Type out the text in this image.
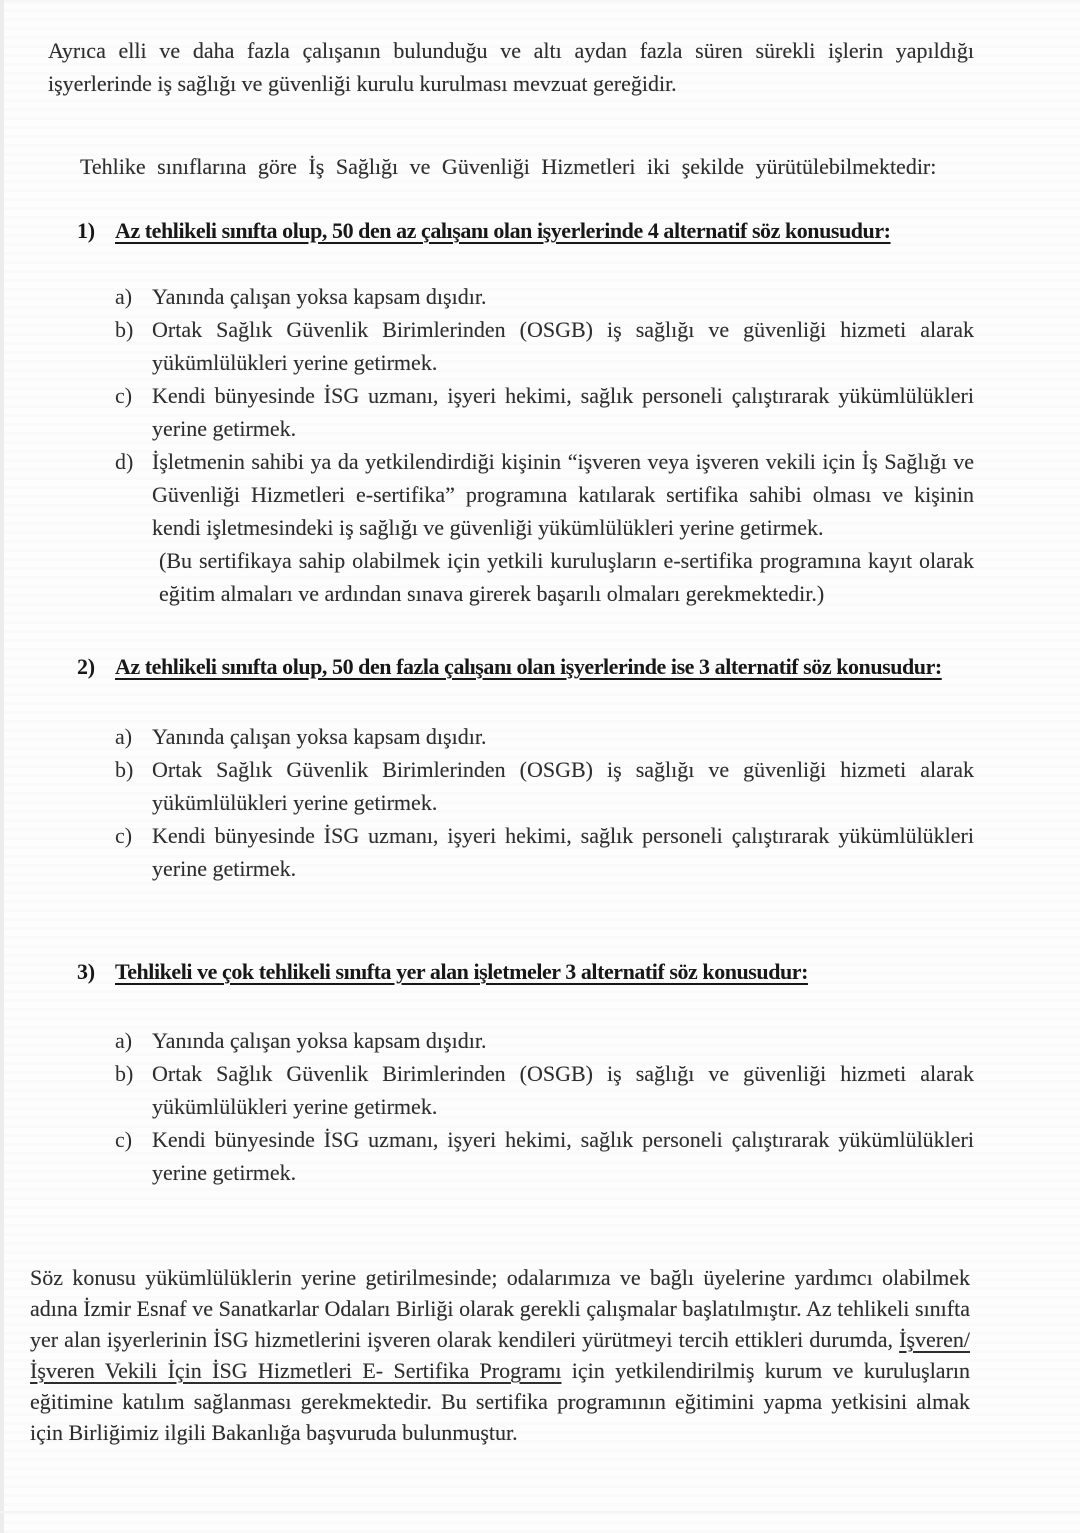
Ayrıca elli ve daha fazla çalışanın bulunduğu ve altı aydan fazla süren sürekli işlerin yapıldığı işyerlerinde iş sağlığı ve güvenliği kurulu kurulması mevzuat gereğidir.

Tehlike sınıflarına göre İş Sağlığı ve Güvenliği Hizmetleri iki şekilde yürütülebilmektedir:

1) Az tehlikeli sınıfta olup, 50 den az çalışanı olan işyerlerinde 4 alternatif söz konusudur:
a) Yanında çalışan yoksa kapsam dışıdır.
b) Ortak Sağlık Güvenlik Birimlerinden (OSGB) iş sağlığı ve güvenliği hizmeti alarak yükümlülükleri yerine getirmek.
c) Kendi bünyesinde İSG uzmanı, işyeri hekimi, sağlık personeli çalıştırarak yükümlülükleri yerine getirmek.
d) İşletmenin sahibi ya da yetkilendirdiği kişinin “işveren veya işveren vekili için İş Sağlığı ve Güvenliği Hizmetleri e-sertifika” programına katılarak sertifika sahibi olması ve kişinin kendi işletmesindeki iş sağlığı ve güvenliği yükümlülükleri yerine getirmek.
(Bu sertifikaya sahip olabilmek için yetkili kuruluşların e-sertifika programına kayıt olarak eğitim almaları ve ardından sınava girerek başarılı olmaları gerekmektedir.)
2) Az tehlikeli sınıfta olup, 50 den fazla çalışanı olan işyerlerinde ise 3 alternatif söz konusudur:
a) Yanında çalışan yoksa kapsam dışıdır.
b) Ortak Sağlık Güvenlik Birimlerinden (OSGB) iş sağlığı ve güvenliği hizmeti alarak yükümlülükleri yerine getirmek.
c) Kendi bünyesinde İSG uzmanı, işyeri hekimi, sağlık personeli çalıştırarak yükümlülükleri yerine getirmek.
3) Tehlikeli ve çok tehlikeli sınıfta yer alan işletmeler 3 alternatif söz konusudur:
a) Yanında çalışan yoksa kapsam dışıdır.
b) Ortak Sağlık Güvenlik Birimlerinden (OSGB) iş sağlığı ve güvenliği hizmeti alarak yükümlülükleri yerine getirmek.
c) Kendi bünyesinde İSG uzmanı, işyeri hekimi, sağlık personeli çalıştırarak yükümlülükleri yerine getirmek.

Söz konusu yükümlülüklerin yerine getirilmesinde; odalarımıza ve bağlı üyelerine yardımcı olabilmek adına İzmir Esnaf ve Sanatkarlar Odaları Birliği olarak gerekli çalışmalar başlatılmıştır. Az tehlikeli sınıfta yer alan işyerlerinin İSG hizmetlerini işveren olarak kendileri yürütmeyi tercih ettikleri durumda, İşveren/İşveren Vekili İçin İSG Hizmetleri E- Sertifika Programı için yetkilendirilmiş kurum ve kuruluşların eğitimine katılım sağlanması gerekmektedir. Bu sertifika programının eğitimini yapma yetkisini almak için Birliğimiz ilgili Bakanlığa başvuruda bulunmuştur.
